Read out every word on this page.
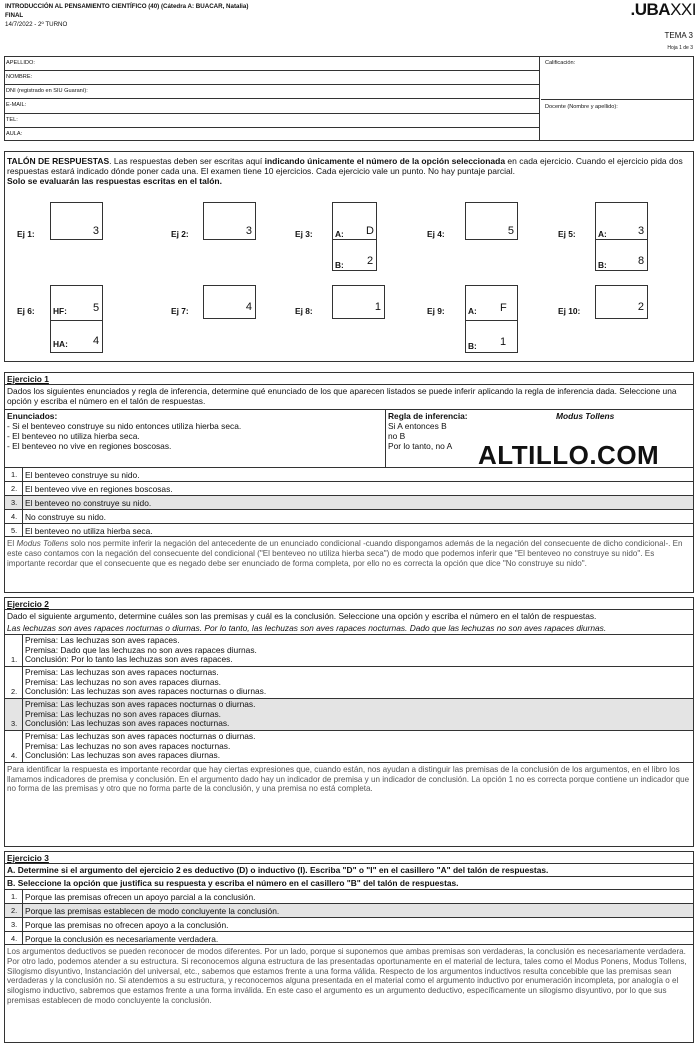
INTRODUCCIÓN AL PENSAMIENTO CIENTÍFICO (40) (Cátedra A: BUACAR, Natalia)
FINAL
14/7/2022 - 2º TURNO
.UBAXXI
TEMA 3
Hoja 1 de 3
APELLIDO:
NOMBRE:
DNI (registrado en SIU Guaraní):
E-MAIL:
TEL:
AULA:
Calificación:
Docente (Nombre y apellido):
TALÓN DE RESPUESTAS. Las respuestas deben ser escritas aquí indicando únicamente el número de la opción seleccionada en cada ejercicio. Cuando el ejercicio pida dos respuestas estará indicado dónde poner cada una. El examen tiene 10 ejercicios. Cada ejercicio vale un punto. No hay puntaje parcial.
Solo se evaluarán las respuestas escritas en el talón.
Ej 1:	3	Ej 2:	3	Ej 3:	A: D
B: 2
Ej 4:	5	Ej 5:	A:	3
B:	8
Ej 6: HF: 5
HA: 4
Ej 7:	4	Ej 8:	1	Ej 9:	A: F
B: 1
Ej 10:	2
Ejercicio 1

Dados los siguientes enunciados y regla de inferencia, determine qué enunciado de los que aparecen listados se puede inferir aplicando la regla de inferencia dada. Seleccione una opción y escriba el número en el talón de respuestas.

Enunciados:
- Si el benteveo construye su nido entonces utiliza hierba seca.
- El benteveo no utiliza hierba seca.
- El benteveo no vive en regiones boscosas.
Regla de inferencia:	Modus Tollens
Si A entonces B
no B
Por lo tanto, no A
1. El benteveo construye su nido.
2. El benteveo vive en regiones boscosas.
3. El benteveo no construye su nido.
4. No construye su nido.
5. El benteveo no utiliza hierba seca.
El Modus Tollens solo nos permite inferir la negación del antecedente de un enunciado condicional -cuando dispongamos además de la negación del consecuente de dicho condicional-. En este caso contamos con la negación del consecuente del condicional ("El benteveo no utiliza hierba seca") de modo que podemos inferir que "El benteveo no construye su nido". Es importante recordar que el consecuente que es negado debe ser enunciado de forma completa, por ello no es correcta la opción que dice "No construye su nido".
ALTILLO.COM
Ejercicio 2

Dado el siguiente argumento, determine cuáles son las premisas y cuál es la conclusión. Seleccione una opción y escriba el número en el talón de respuestas.

Las lechuzas son aves rapaces nocturnas o diurnas. Por lo tanto, las lechuzas son aves rapaces nocturnas. Dado que las lechuzas no son aves rapaces diurnas.

1.
Premisa: Las lechuzas son aves rapaces.
Premisa: Dado que las lechuzas no son aves rapaces diurnas.
Conclusión: Por lo tanto las lechuzas son aves rapaces.
2.
Premisa: Las lechuzas son aves rapaces nocturnas.
Premisa: Las lechuzas no son aves rapaces diurnas.
Conclusión: Las lechuzas son aves rapaces nocturnas o diurnas.
3.
Premisa: Las lechuzas son aves rapaces nocturnas o diurnas.
Premisa: Las lechuzas no son aves rapaces diurnas.
Conclusión: Las lechuzas son aves rapaces nocturnas.
4.
Premisa: Las lechuzas son aves rapaces nocturnas o diurnas.
Premisa: Las lechuzas no son aves rapaces nocturnas.
Conclusión: Las lechuzas son aves rapaces diurnas.
Para identificar la respuesta es importante recordar que hay ciertas expresiones que, cuando están, nos ayudan a distinguir las premisas de la conclusión de los argumentos, en el libro los llamamos indicadores de premisa y conclusión. En el argumento dado hay un indicador de premisa y un indicador de conclusión. La opción 1 no es correcta porque contiene un indicador que no forma de las premisas y otro que no forma parte de la conclusión, y una premisa no está completa.
Ejercicio 3
A. Determine si el argumento del ejercicio 2 es deductivo (D) o inductivo (I). Escriba "D" o "I" en el casillero "A" del talón de respuestas.
B. Seleccione la opción que justifica su respuesta y escriba el número en el casillero "B" del talón de respuestas.
1. Porque las premisas ofrecen un apoyo parcial a la conclusión.
2. Porque las premisas establecen de modo concluyente la conclusión.
3. Porque las premisas no ofrecen apoyo a la conclusión.
4. Porque la conclusión es necesariamente verdadera.
Los argumentos deductivos se pueden reconocer de modos diferentes. Por un lado, porque si suponemos que ambas premisas son verdaderas, la conclusión es necesariamente verdadera. Por otro lado, podemos atender a su estructura. Si reconocemos alguna estructura de las presentadas oportunamente en el material de lectura, tales como el Modus Ponens, Modus Tollens, Silogismo disyuntivo, Instanciación del universal, etc., sabemos que estamos frente a una forma válida. Respecto de los argumentos inductivos resulta concebible que las premisas sean verdaderas y la conclusión no. Si atendemos a su estructura, y reconocemos alguna presentada en el material como el argumento inductivo por enumeración incompleta, por analogía o el silogismo inductivo, sabremos que estamos frente a una forma inválida. En este caso el argumento es un argumento deductivo, específicamente un silogismo disyuntivo, por lo que sus premisas establecen de modo concluyente la conclusión.
